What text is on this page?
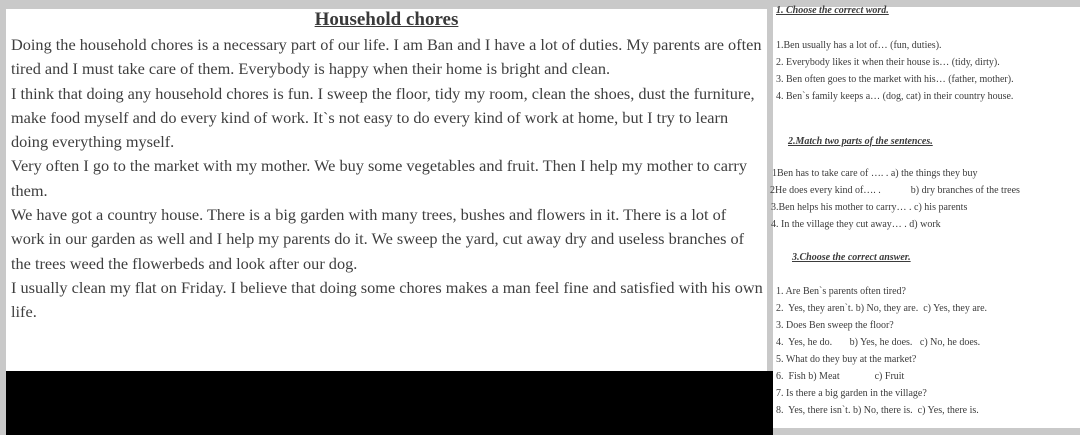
Household chores

Doing the household chores is a necessary part of our life. I am Ban and I have a lot of duties. My parents are often tired and I must take care of them. Everybody is happy when their home is bright and clean.

I think that doing any household chores is fun. I sweep the floor, tidy my room, clean the shoes, dust the furniture, make food myself and do every kind of work. It`s not easy to do every kind of work at home, but I try to learn doing everything myself.

Very often I go to the market with my mother. We buy some vegetables and fruit. Then I help my mother to carry them.

We have got a country house. There is a big garden with many trees, bushes and flowers in it. There is a lot of work in our garden as well and I help my parents do it. We sweep the yard, cut away dry and useless branches of the trees weed the flowerbeds and look after our dog.

I usually clean my flat on Friday. I believe that doing some chores makes a man feel fine and satisfied with his own life.

1. Choose the correct word.
1.Ben usually has a lot of… (fun, duties).
2. Everybody likes it when their house is… (tidy, dirty).
3. Ben often goes to the market with his… (father, mother).
4. Ben`s family keeps a… (dog, cat) in their country house.
2.Match two parts of the sentences.
1Ben has to take care of …. . a) the things they buy
2He does every kind of…. .            b) dry branches of the trees
3.Ben helps his mother to carry… . c) his parents
4. In the village they cut away… . d) work
3.Choose the correct answer.
1. Are Ben`s parents often tired?
2.  Yes, they aren`t. b) No, they are.  c) Yes, they are.
3. Does Ben sweep the floor?
4.  Yes, he do.       b) Yes, he does.   c) No, he does.
5. What do they buy at the market?
6.  Fish b) Meat              c) Fruit
7. Is there a big garden in the village?
8.  Yes, there isn`t. b) No, there is.  c) Yes, there is.
